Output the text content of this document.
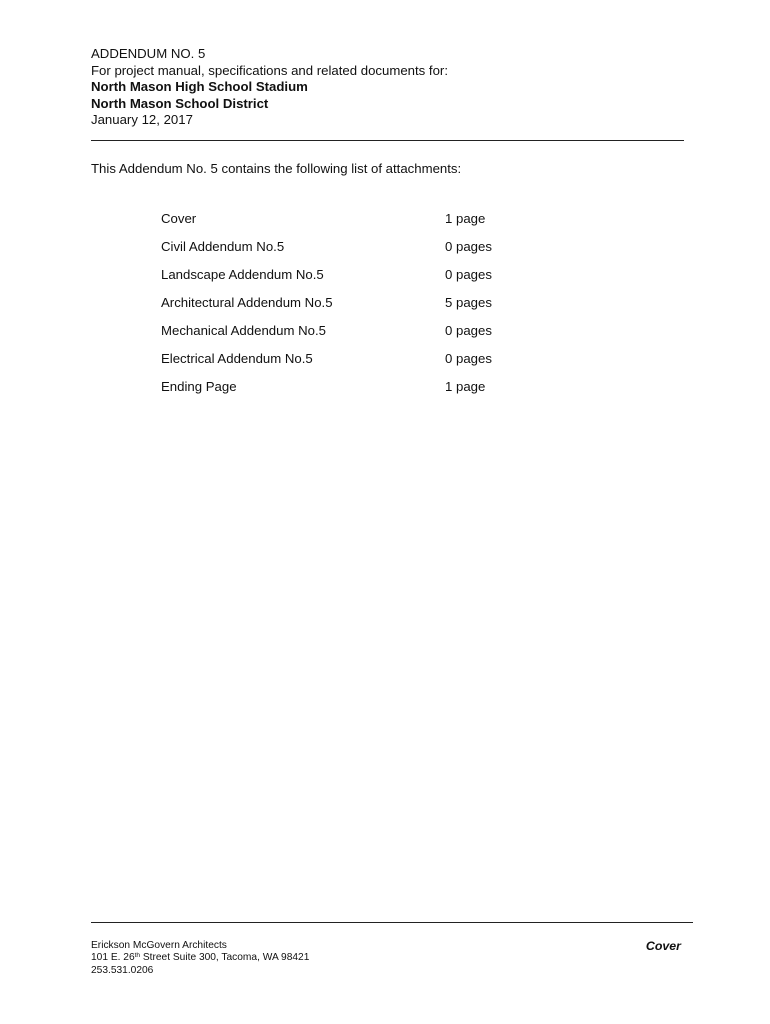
ADDENDUM NO. 5
For project manual, specifications and related documents for:
North Mason High School Stadium
North Mason School District
January 12, 2017
This Addendum No. 5 contains the following list of attachments:
Cover	1 page
Civil Addendum No.5	0 pages
Landscape Addendum No.5	0 pages
Architectural Addendum No.5	5 pages
Mechanical Addendum No.5	0 pages
Electrical Addendum No.5	0 pages
Ending Page	1 page
Erickson McGovern Architects
101 E. 26th Street Suite 300, Tacoma, WA 98421
253.531.0206
Cover
